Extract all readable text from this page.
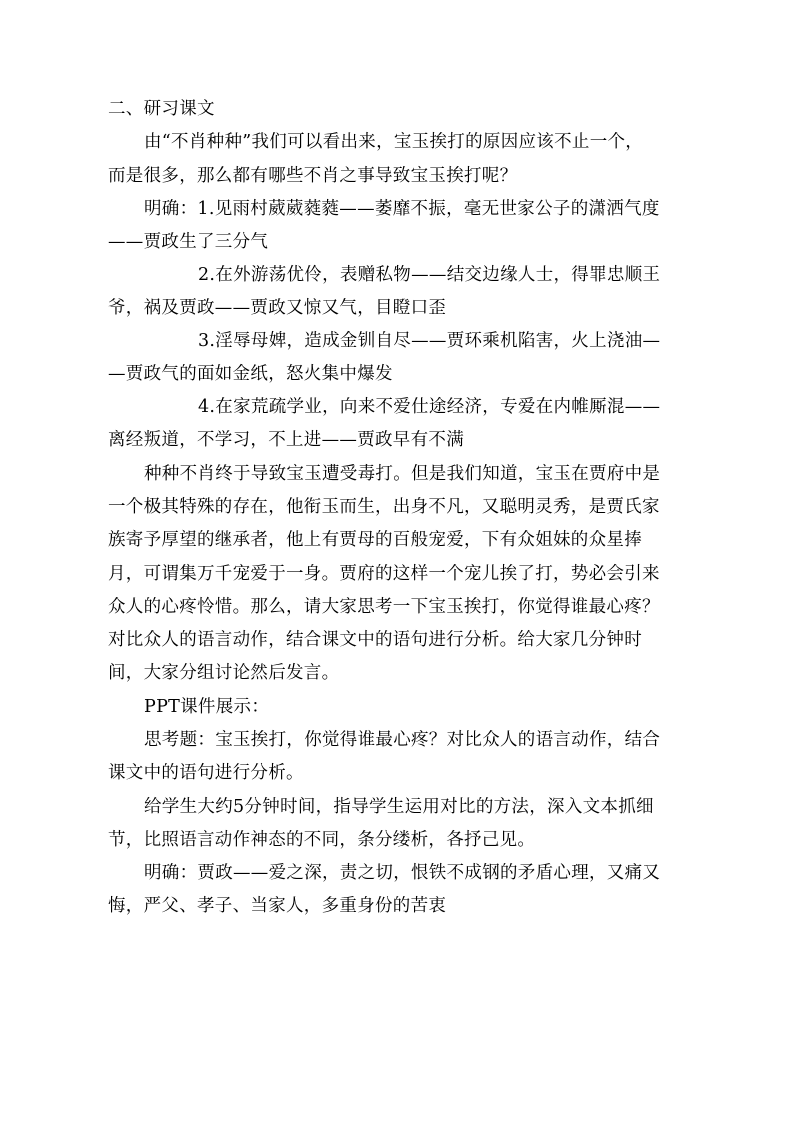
二、研习课文
由“不肖种种”我们可以看出来，宝玉挨打的原因应该不止一个，
而是很多，那么都有哪些不肖之事导致宝玉挨打呢？
明确：1.见雨村葳葳蕤蕤——萎靡不振，毫无世家公子的潇洒气度
——贾政生了三分气
2.在外游荡优伶，表赠私物——结交边缘人士，得罪忠顺王
爷，祸及贾政——贾政又惊又气，目瞪口歪
3.淫辱母婢，造成金钏自尽——贾环乘机陷害，火上浇油—
—贾政气的面如金纸，怒火集中爆发
4.在家荒疏学业，向来不爱仕途经济，专爱在内帷厮混——
离经叛道，不学习，不上进——贾政早有不满
种种不肖终于导致宝玉遭受毒打。但是我们知道，宝玉在贾府中是
一个极其特殊的存在，他衔玉而生，出身不凡，又聪明灵秀，是贾氏家
族寄予厚望的继承者，他上有贾母的百般宠爱，下有众姐妹的众星捧
月，可谓集万千宠爱于一身。贾府的这样一个宠儿挨了打，势必会引来
众人的心疼怜惜。那么，请大家思考一下宝玉挨打，你觉得谁最心疼？
对比众人的语言动作，结合课文中的语句进行分析。给大家几分钟时
间，大家分组讨论然后发言。
PPT课件展示：
思考题：宝玉挨打，你觉得谁最心疼？对比众人的语言动作，结合
课文中的语句进行分析。
给学生大约5分钟时间，指导学生运用对比的方法，深入文本抓细
节，比照语言动作神态的不同，条分缕析，各抒己见。
明确：贾政——爱之深，责之切，恨铁不成钢的矛盾心理，又痛又
悔，严父、孝子、当家人，多重身份的苦衷
